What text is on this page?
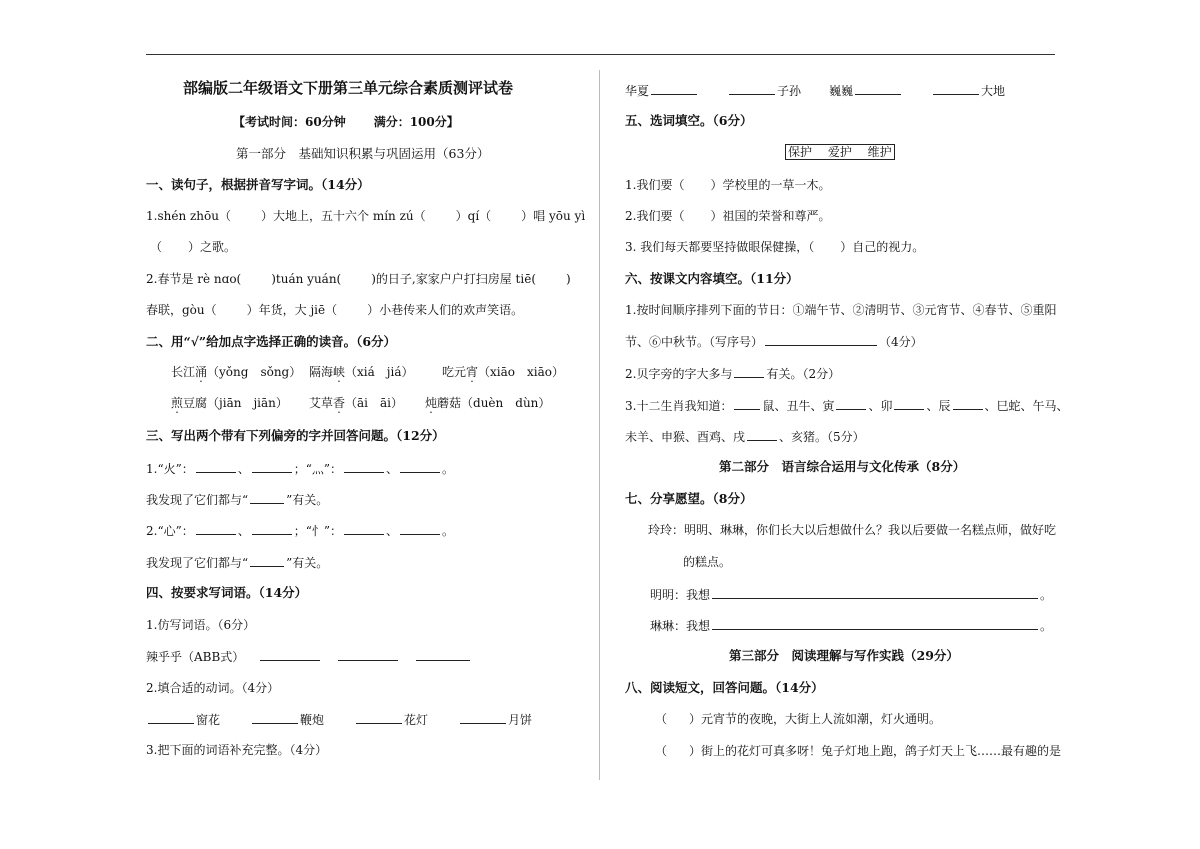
部编版二年级语文下册第三单元综合素质测评试卷
【考试时间：60分钟 满分：100分】
第一部分　基础知识积累与巩固运用（63分）
一、读句子，根据拼音写字词。（14分）
1.shén zhōu（	）大地上，五十六个 mín zú（	）qí（	）唱 yōu yì
（ ）之歌。
2.春节是 rè nɑo(	)tuán yuán(	)的日子,家家户户打扫房屋 tiē(	)
春联，gòu（	）年货，大 jiē（	）小巷传来人们的欢声笑语。
二、用“√”给加点字选择正确的读音。（6分）
长江涌（yǒng　sǒng） 隔海峡（xiá　jiá） 吃元宵（xiāo　xiāo）
煎豆腐（jiān　jiān） 艾草香（āi　āi） 炖蘑菇（duèn　dùn）
三、写出两个带有下列偏旁的字并回答问题。（12分）
1.“火”：	、	；“灬”：	、	。
我发现了它们都与“	”有关。
2.“心”：	、	；“忄”：	、	。
我发现了它们都与“	”有关。
四、按要求写词语。（14分）
1.仿写词语。（6分）
辣乎乎（ABB式）
2.填合适的动词。（4分）
窗花	鞭炮	花灯	月饼
3.把下面的词语补充完整。（4分）
华夏	子孙 巍巍	大地
五、选词填空。（6分）
保护　 爱护　 维护
1.我们要（ ）学校里的一草一木。
2.我们要（ ）祖国的荣誉和尊严。
3. 我们每天都要坚持做眼保健操，（ ）自己的视力。
六、按课文内容填空。（11分）
1.按时间顺序排列下面的节日：①端午节、②清明节、③元宵节、④春节、⑤重阳
节、⑥中秋节。（写序号）	（4分）
2.贝字旁的字大多与	有关。（2分）
3.十二生肖我知道：	鼠、丑牛、寅	、卯	、辰	、巳蛇、午马、
未羊、申猴、酉鸡、戌	、亥猪。（5分）
第二部分　语言综合运用与文化传承（8分）
七、分享愿望。（8分）
玲玲：明明、琳琳，你们长大以后想做什么？我以后要做一名糕点师，做好吃
的糕点。
明明：我想	。
琳琳：我想	。
第三部分　阅读理解与写作实践（29分）
八、阅读短文，回答问题。（14分）
（ ）元宵节的夜晚，大街上人流如潮，灯火通明。
（ ）街上的花灯可真多呀！兔子灯地上跑，鸽子灯天上飞……最有趣的是
